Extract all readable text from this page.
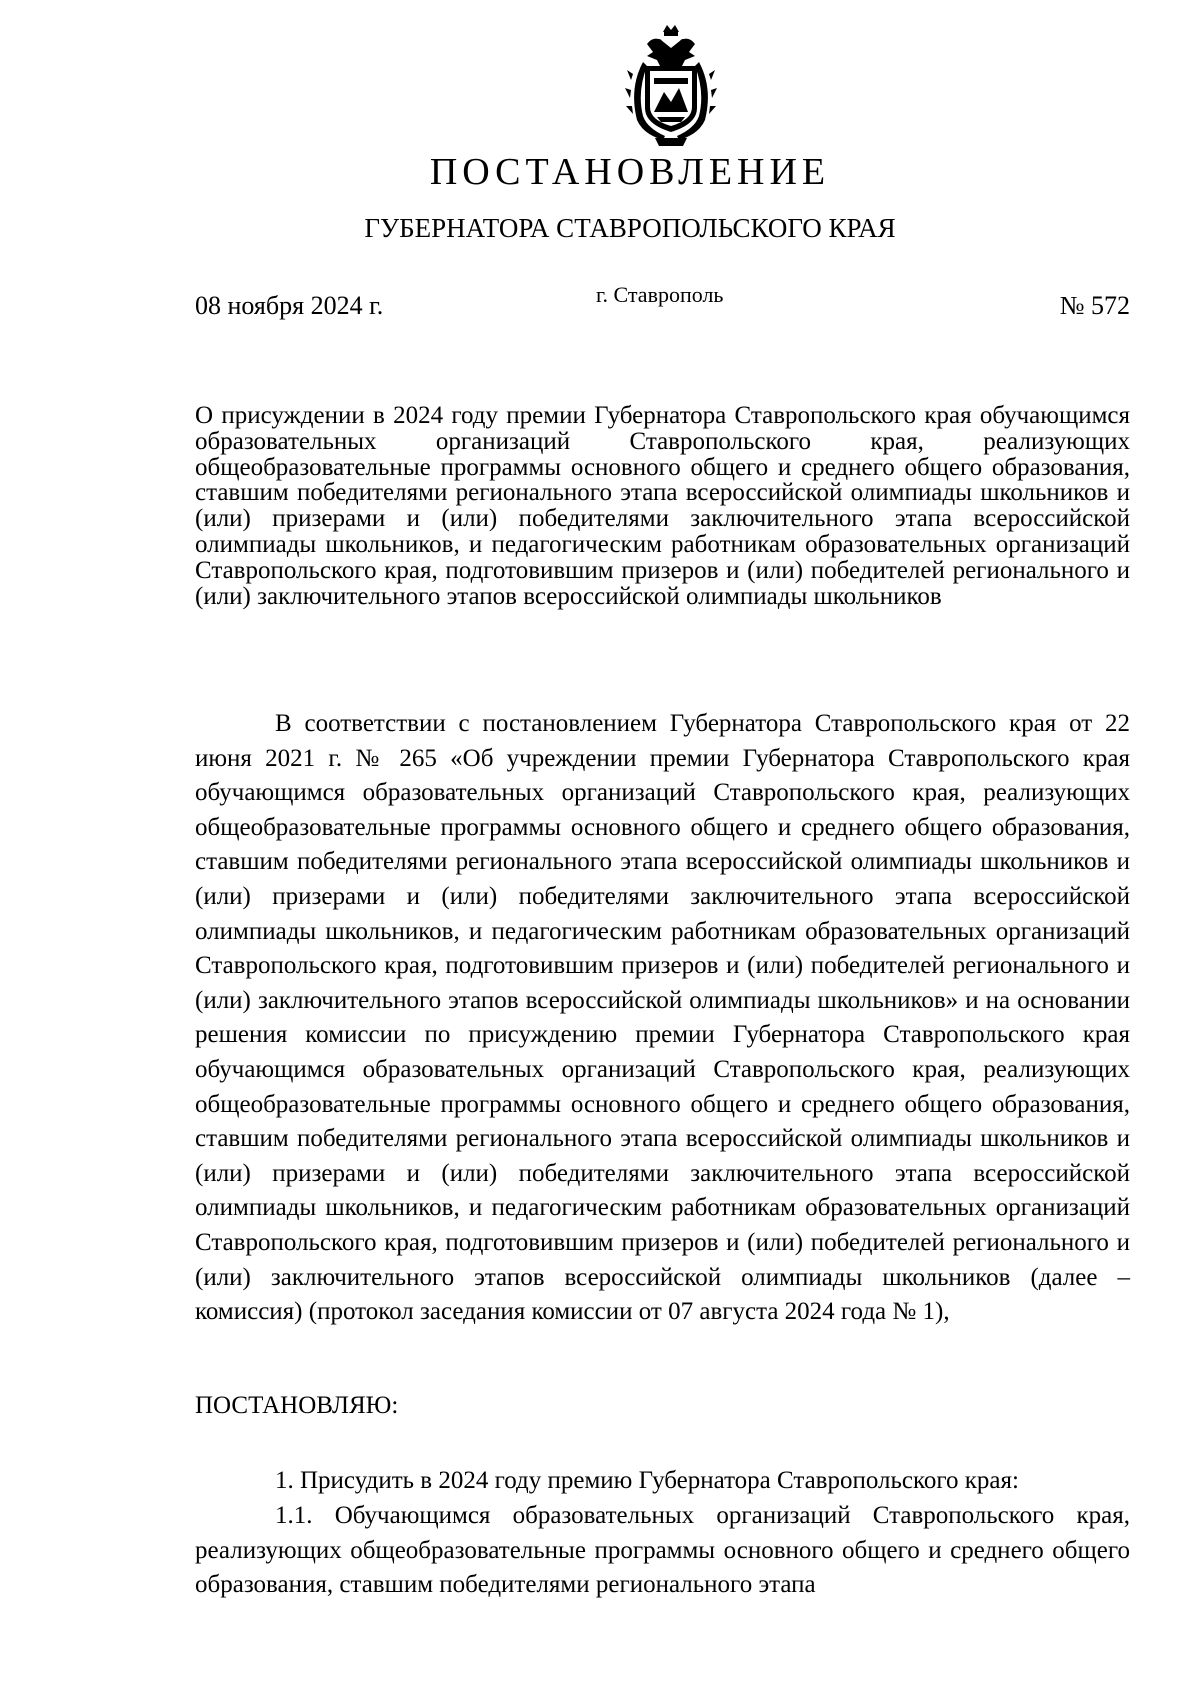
ПОСТАНОВЛЕНИЕ
ГУБЕРНАТОРА СТАВРОПОЛЬСКОГО КРАЯ
08 ноября 2024 г.	г. Ставрополь	№ 572

О присуждении в 2024 году премии Губернатора Ставропольского края обучающимся образовательных организаций Ставропольского края, реализующих общеобразовательные программы основного общего и среднего общего образования, ставшим победителями регионального этапа всероссийской олимпиады школьников и (или) призерами и (или) победителями заключительного этапа всероссийской олимпиады школьников, и педагогическим работникам образовательных организаций Ставропольского края, подготовившим призеров и (или) победителей регионального и (или) заключительного этапов всероссийской олимпиады школьников

В соответствии с постановлением Губернатора Ставропольского края от 22 июня 2021 г. № 265 «Об учреждении премии Губернатора Ставропольского края обучающимся образовательных организаций Ставропольского края, реализующих общеобразовательные программы основного общего и среднего общего образования, ставшим победителями регионального этапа всероссийской олимпиады школьников и (или) призерами и (или) победителями заключительного этапа всероссийской олимпиады школьников, и педагогическим работникам образовательных организаций Ставропольского края, подготовившим призеров и (или) победителей регионального и (или) заключительного этапов всероссийской олимпиады школьников» и на основании решения комиссии по присуждению премии Губернатора Ставропольского края обучающимся образовательных организаций Ставропольского края, реализующих общеобразовательные программы основного общего и среднего общего образования, ставшим победителями регионального этапа всероссийской олимпиады школьников и (или) призерами и (или) победителями заключительного этапа всероссийской олимпиады школьников, и педагогическим работникам образовательных организаций Ставропольского края, подготовившим призеров и (или) победителей регионального и (или) заключительного этапов всероссийской олимпиады школьников (далее – комиссия) (протокол заседания комиссии от 07 августа 2024 года № 1),

ПОСТАНОВЛЯЮ:

1. Присудить в 2024 году премию Губернатора Ставропольского края:

1.1. Обучающимся образовательных организаций Ставропольского края, реализующих общеобразовательные программы основного общего и среднего общего образования, ставшим победителями регионального этапа
